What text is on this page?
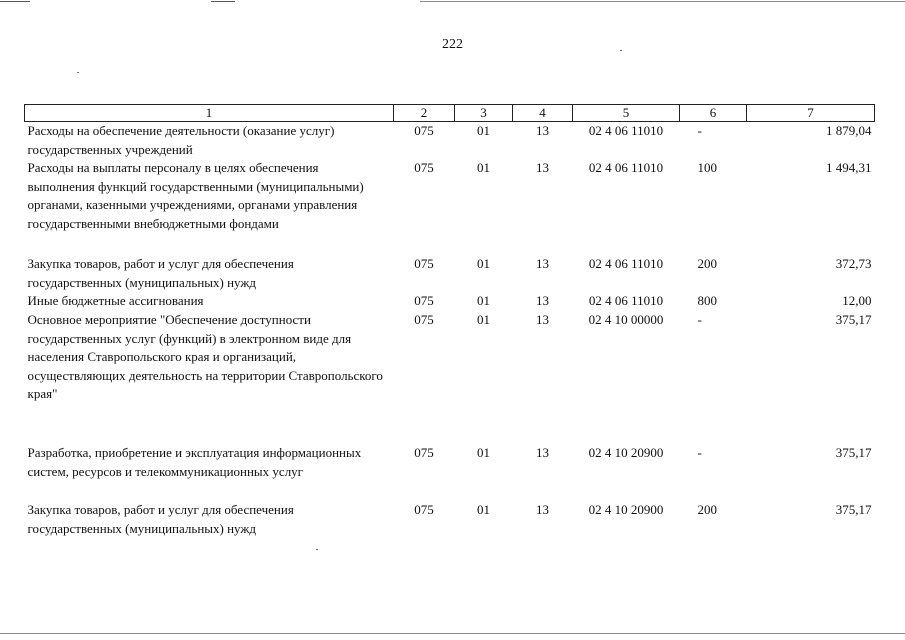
222
1	2	3	4	5	6	7
Расходы на обеспечение деятельности (оказание услуг) государственных учреждений	075	01	13	02 4 06 11010	-	1 879,04
Расходы на выплаты персоналу в целях обеспечения выполнения функций государственными (муниципальными) органами, казенными учреждениями, органами управления государственными внебюджетными фондами	075	01	13	02 4 06 11010	100	1 494,31
Закупка товаров, работ и услуг для обеспечения государственных (муниципальных) нужд	075	01	13	02 4 06 11010	200	372,73
Иные бюджетные ассигнования	075	01	13	02 4 06 11010	800	12,00
Основное мероприятие "Обеспечение доступности государственных услуг (функций) в электронном виде для населения Ставропольского края и организаций, осуществляющих деятельность на территории Ставропольского края"	075	01	13	02 4 10 00000	-	375,17
Разработка, приобретение и эксплуатация информационных систем, ресурсов и телекоммуникационных услуг	075	01	13	02 4 10 20900	-	375,17
Закупка товаров, работ и услуг для обеспечения государственных (муниципальных) нужд	075	01	13	02 4 10 20900	200	375,17
